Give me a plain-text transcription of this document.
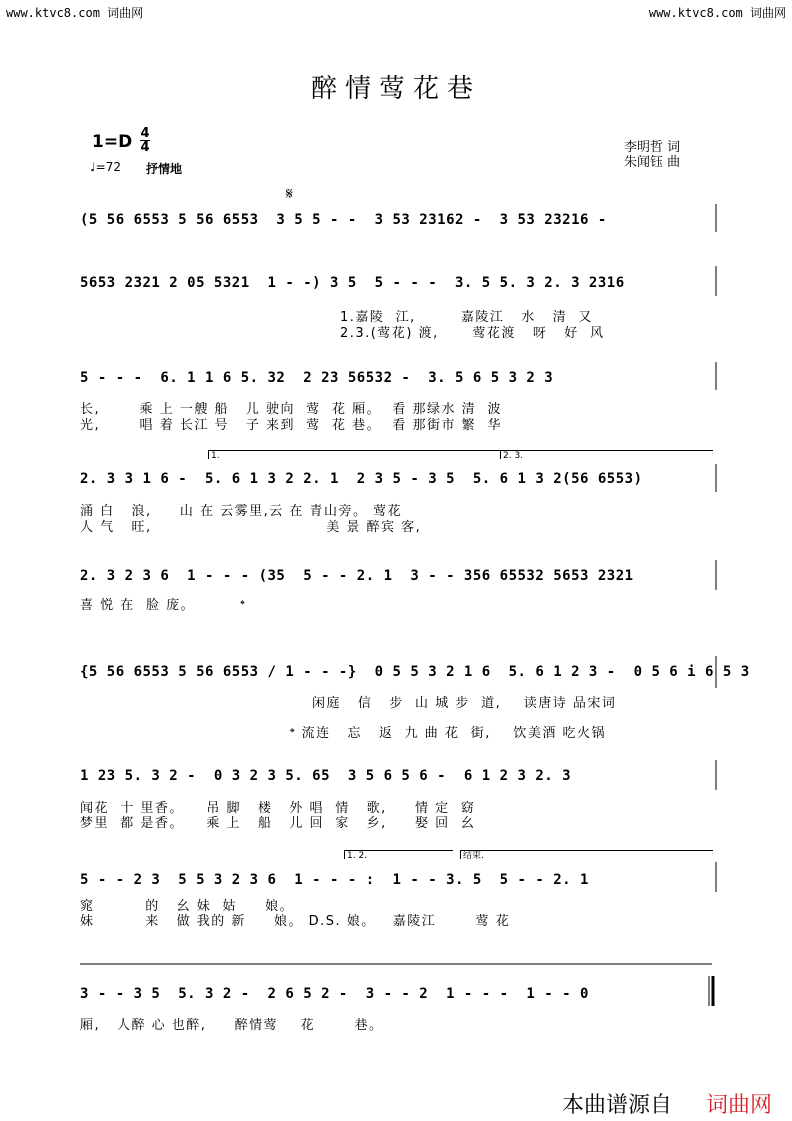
www.ktvc8.com 词曲网	www.ktvc8.com 词曲网
醉情莺花巷
1=D 4
4
♩=72 抒情地
李明哲 词
朱闻钰 曲
𝄋
(5 56 6553 5 56 6553  3 5 5 - -  3 53 23162 -  3 53 23216 -
5653 2321 2 05 5321  1 - -) 3 5  5 - - -  3. 5 5. 3 2. 3 2316
1.嘉陵  江,        嘉陵江   水   清  又
2.3.(莺花) 渡,      莺花渡   呀   好  风
5 - - -  6. 1 1 6 5. 32  2 23 56532 -  3. 5 6 5 3 2 3
长,       乘 上 一艘 船   儿 驶向  莺  花 厢。  看 那绿水 清  波
光,       唱 着 长江 号   子 来到  莺  花 巷。  看 那街市 繁  华
1.	2. 3.
2. 3 3 1 6 -  5. 6 1 3 2 2. 1  2 3 5 - 3 5  5. 6 1 3 2(56 6553)
涌 白   浪,     山 在 云雾里,云 在 青山旁。 莺花
人 气   旺,                               美 景 醉宾 客,
2. 3 2 3 6  1 - - - (35  5 - - 2. 1  3 - - 356 65532 5653 2321
喜 悦 在  脸 庞。        𝄌
{5 56 6553 5 56 6553 / 1 - - -}  0 5 5 3 2 1 6  5. 6 1 2 3 -  0 5 6 i 6 5 3
闲庭   信   步  山 城 步  道,    读唐诗 品宋词
𝄌 流连   忘   返  九 曲 花  街,    饮美酒 吃火锅
1 23 5. 3 2 -  0 3 2 3 5. 65  3 5 6 5 6 -  6 1 2 3 2. 3
闻花  十 里香。    吊 脚   楼   外 唱  情   歌,     情 定  窈
梦里  都 是香。    乘 上   船   儿 回  家   乡,     娶 回  幺
1. 2.	结束.
5 - - 2 3  5 5 3 2 3 6  1 - - - :  1 - - 3. 5  5 - - 2. 1
窕         的   幺 妹  姑     娘。
妹         来   做 我的 新     娘。 D.S. 娘。   嘉陵江       莺 花
3 - - 3 5  5. 3 2 -  2 6 5 2 -  3 - - 2  1 - - -  1 - - 0
厢,   人醉 心 也醉,     醉情莺    花       巷。
本曲谱源自 词曲网
